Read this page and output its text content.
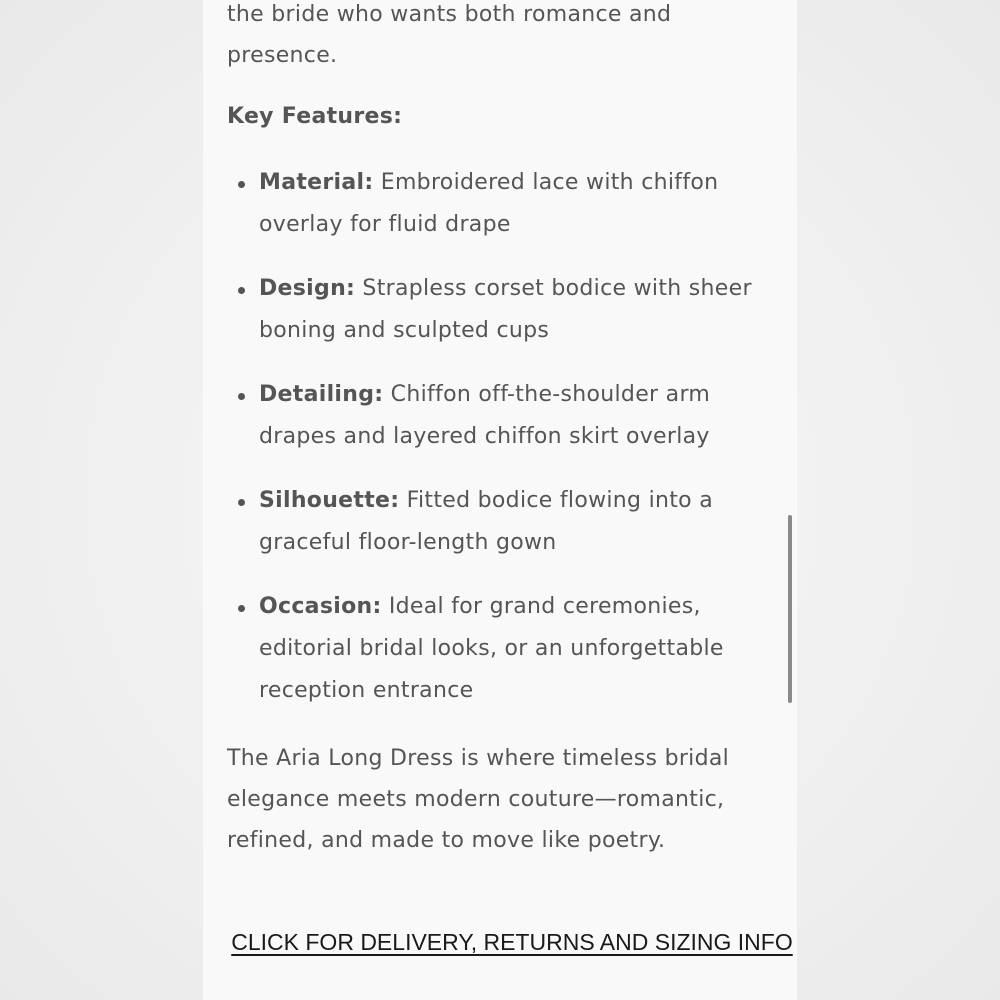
the bride who wants both romance and
presence.

Key Features:

Material: Embroidered lace with chiffon overlay for fluid drape
Design: Strapless corset bodice with sheer boning and sculpted cups
Detailing: Chiffon off-the-shoulder arm drapes and layered chiffon skirt overlay
Silhouette: Fitted bodice flowing into a graceful floor-length gown
Occasion: Ideal for grand ceremonies, editorial bridal looks, or an unforgettable reception entrance

The Aria Long Dress is where timeless bridal elegance meets modern couture—romantic, refined, and made to move like poetry.

CLICK FOR DELIVERY, RETURNS AND SIZING INFO
